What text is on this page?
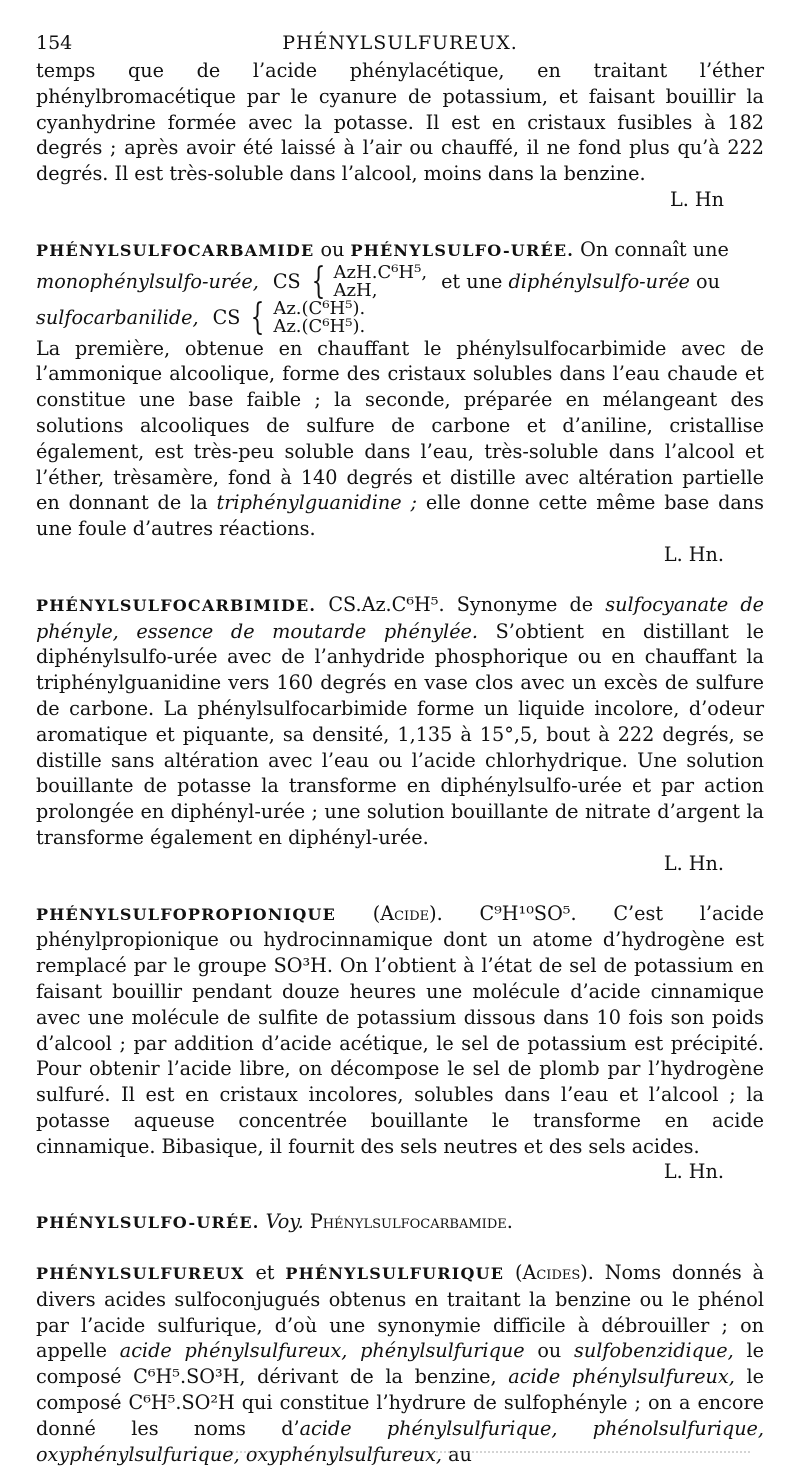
154	PHÉNYLSULFUREUX.
temps que de l’acide phénylacétique, en traitant l’éther phénylbromacétique par le cyanure de potassium, et faisant bouillir la cyanhydrine formée avec la potasse. Il est en cristaux fusibles à 182 degrés ; après avoir été laissé à l’air ou chauffé, il ne fond plus qu’à 222 degrés. Il est très-soluble dans l’alcool, moins dans la benzine.
L. Hn
PHÉNYLSULFOCARBAMIDE ou PHÉNYLSULFO-URÉE. On connaît une
monophénylsulfo-urée, CS { AzH.C⁶H⁵,
AzH,	et une
diphénylsulfo-urée
ou
sulfocarbanilide, CS { Az.(C⁶H⁵).
Az.(C⁶H⁵).
La première, obtenue en chauffant le phénylsulfocarbimide avec de l’ammonique alcoolique, forme des cristaux solubles dans l’eau chaude et constitue une base faible ; la seconde, préparée en mélangeant des solutions alcooliques de sulfure de carbone et d’aniline, cristallise également, est très-peu soluble dans l’eau, très-soluble dans l’alcool et l’éther, trèsamère, fond à 140 degrés et distille avec altération partielle en donnant de la triphénylguanidine ; elle donne cette même base dans une foule d’autres réactions.
L. Hn.
PHÉNYLSULFOCARBIMIDE. CS.Az.C⁶H⁵. Synonyme de sulfocyanate de phényle, essence de moutarde phénylée. S’obtient en distillant le diphénylsulfo-urée avec de l’anhydride phosphorique ou en chauffant la triphénylguanidine vers 160 degrés en vase clos avec un excès de sulfure de carbone. La phénylsulfocarbimide forme un liquide incolore, d’odeur aromatique et piquante, sa densité, 1,135 à 15°,5, bout à 222 degrés, se distille sans altération avec l’eau ou l’acide chlorhydrique. Une solution bouillante de potasse la transforme en diphénylsulfo-urée et par action prolongée en diphényl-urée ; une solution bouillante de nitrate d’argent la transforme également en diphényl-urée.
L. Hn.
PHÉNYLSULFOPROPIONIQUE (Acide). C⁹H¹⁰SO⁵. C’est l’acide phénylpropionique ou hydrocinnamique dont un atome d’hydrogène est remplacé par le groupe SO³H. On l’obtient à l’état de sel de potassium en faisant bouillir pendant douze heures une molécule d’acide cinnamique avec une molécule de sulfite de potassium dissous dans 10 fois son poids d’alcool ; par addition d’acide acétique, le sel de potassium est précipité. Pour obtenir l’acide libre, on décompose le sel de plomb par l’hydrogène sulfuré. Il est en cristaux incolores, solubles dans l’eau et l’alcool ; la potasse aqueuse concentrée bouillante le transforme en acide cinnamique. Bibasique, il fournit des sels neutres et des sels acides.
L. Hn.
PHÉNYLSULFO-URÉE. Voy. Phénylsulfocarbamide.
PHÉNYLSULFUREUX et PHÉNYLSULFURIQUE (Acides). Noms donnés à divers acides sulfoconjugués obtenus en traitant la benzine ou le phénol par l’acide sulfurique, d’où une synonymie difficile à débrouiller ; on appelle acide phénylsulfureux, phénylsulfurique ou sulfobenzidique, le composé C⁶H⁵.SO³H, dérivant de la benzine, acide phénylsulfureux, le composé C⁶H⁵.SO²H qui constitue l’hydrure de sulfophényle ; on a encore donné les noms d’acide phénylsulfurique, phénolsulfurique, oxyphénylsulfurique, oxyphénylsulfureux, au
